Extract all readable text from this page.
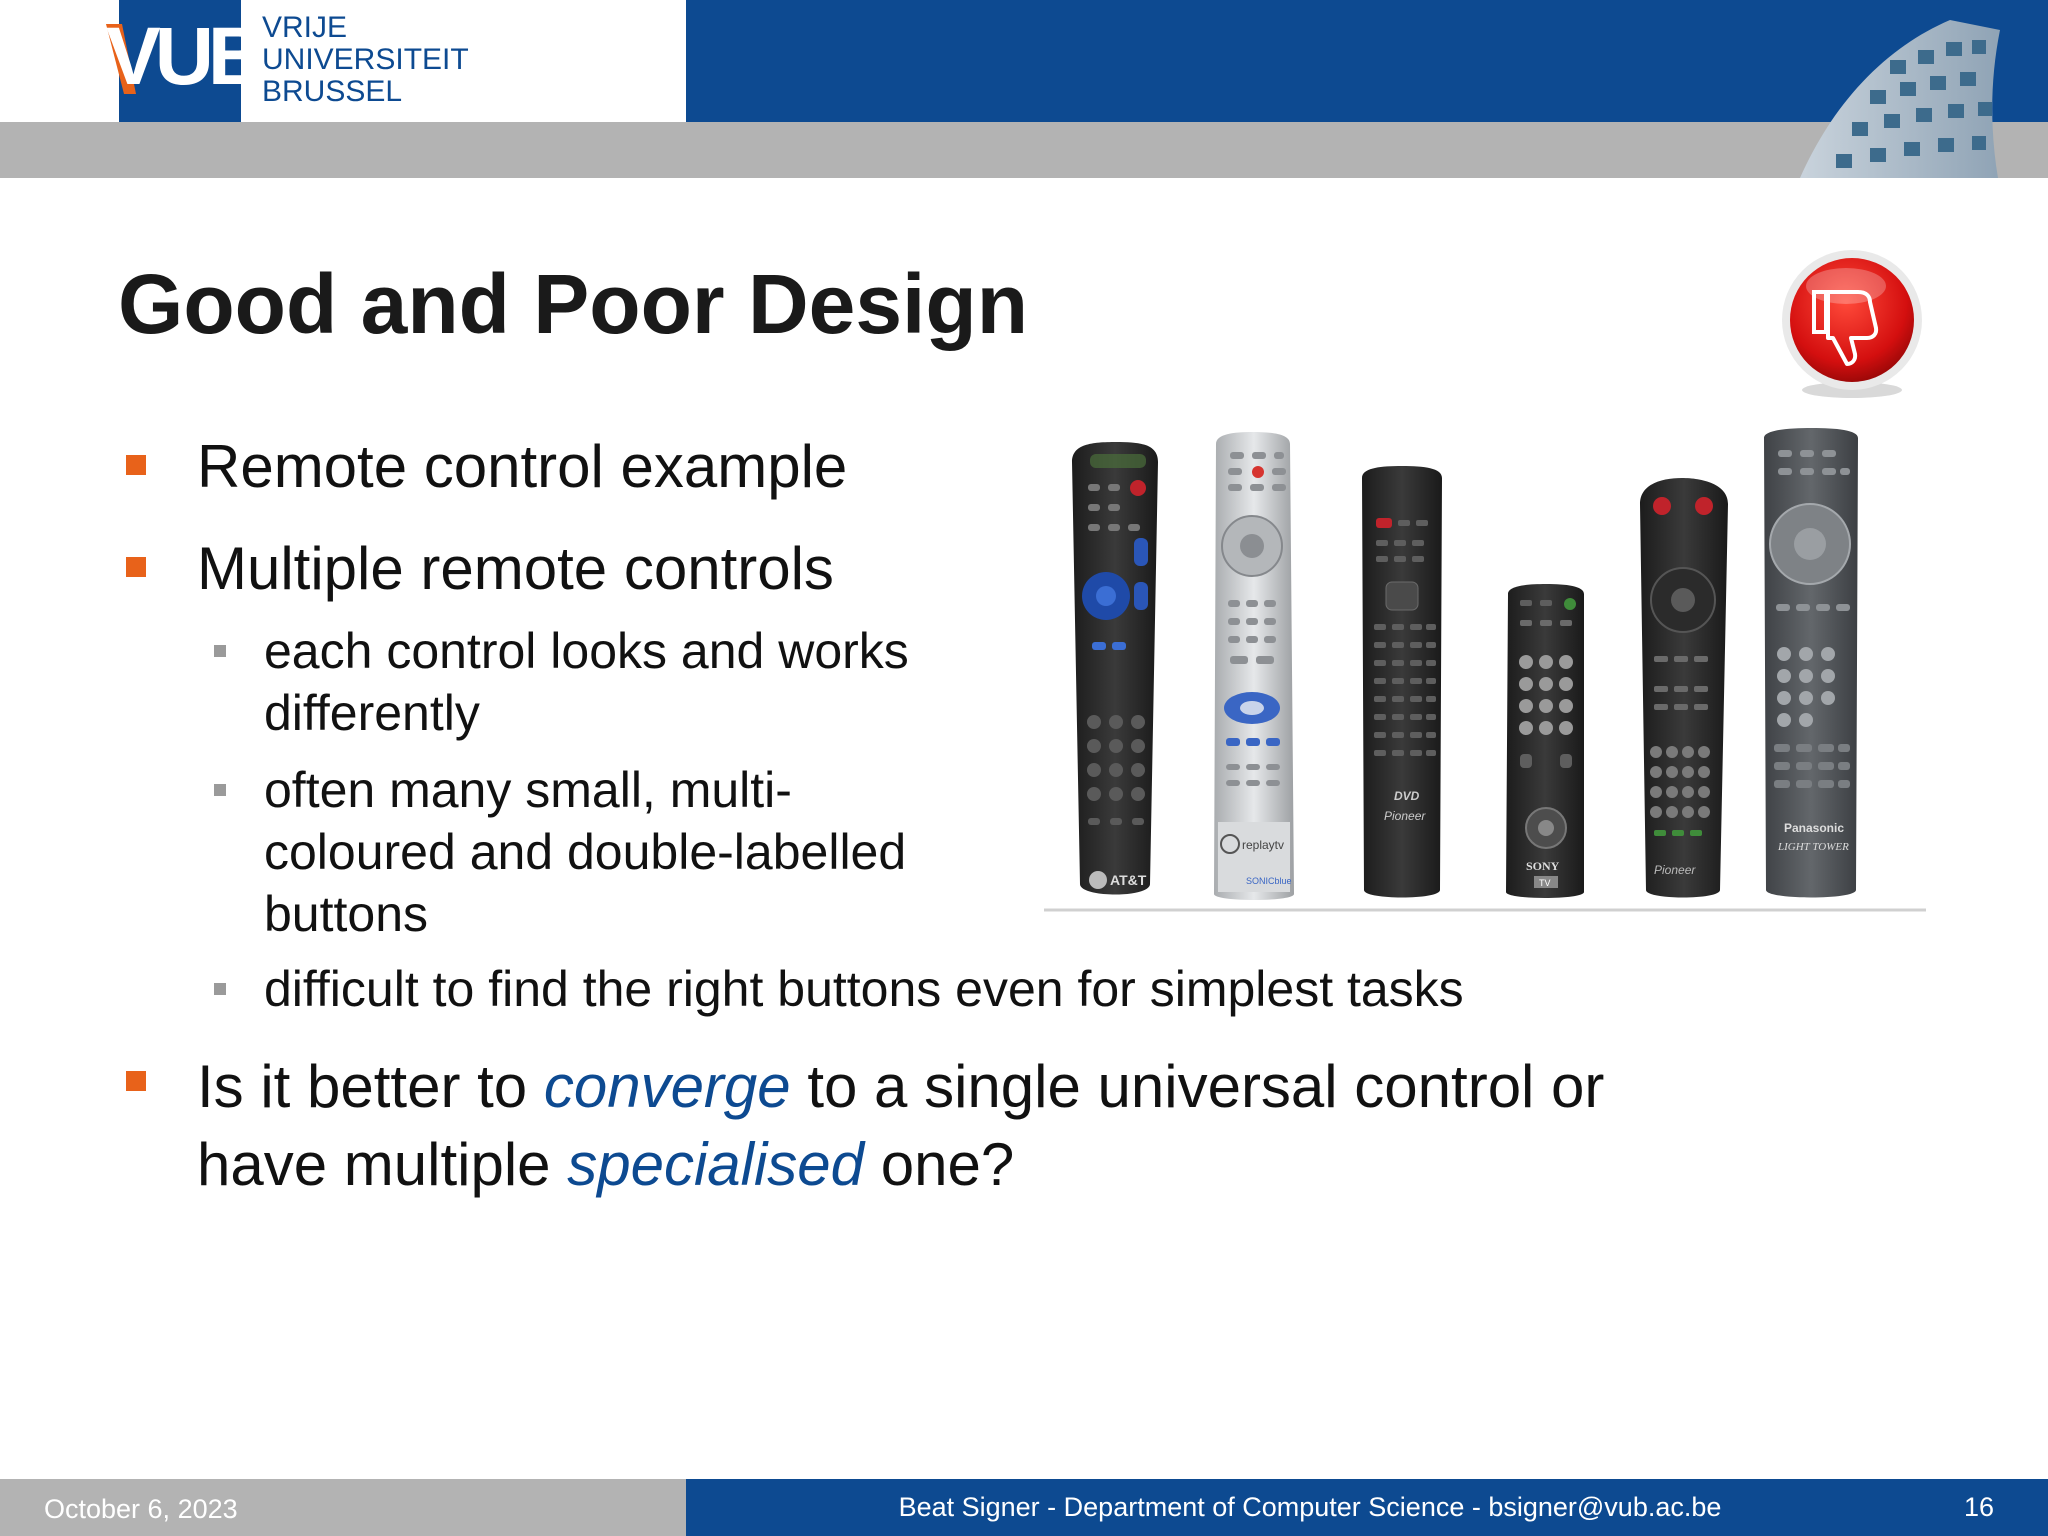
VUB VRIJE
UNIVERSITEIT
BRUSSEL
Good and Poor Design
Remote control example
Multiple remote controls
each control looks and works
differently
often many small, multi-
coloured and double-labelled
buttons
difficult to find the right buttons even for simplest tasks
Is it better to converge to a single universal control or
have multiple specialised one?
AT&T
replaytv
SONICblue
DVD
Pioneer
SONY
TV
Pioneer
Panasonic
LIGHT TOWER
October 6, 2023	Beat Signer - Department of Computer Science - bsigner@vub.ac.be	16
